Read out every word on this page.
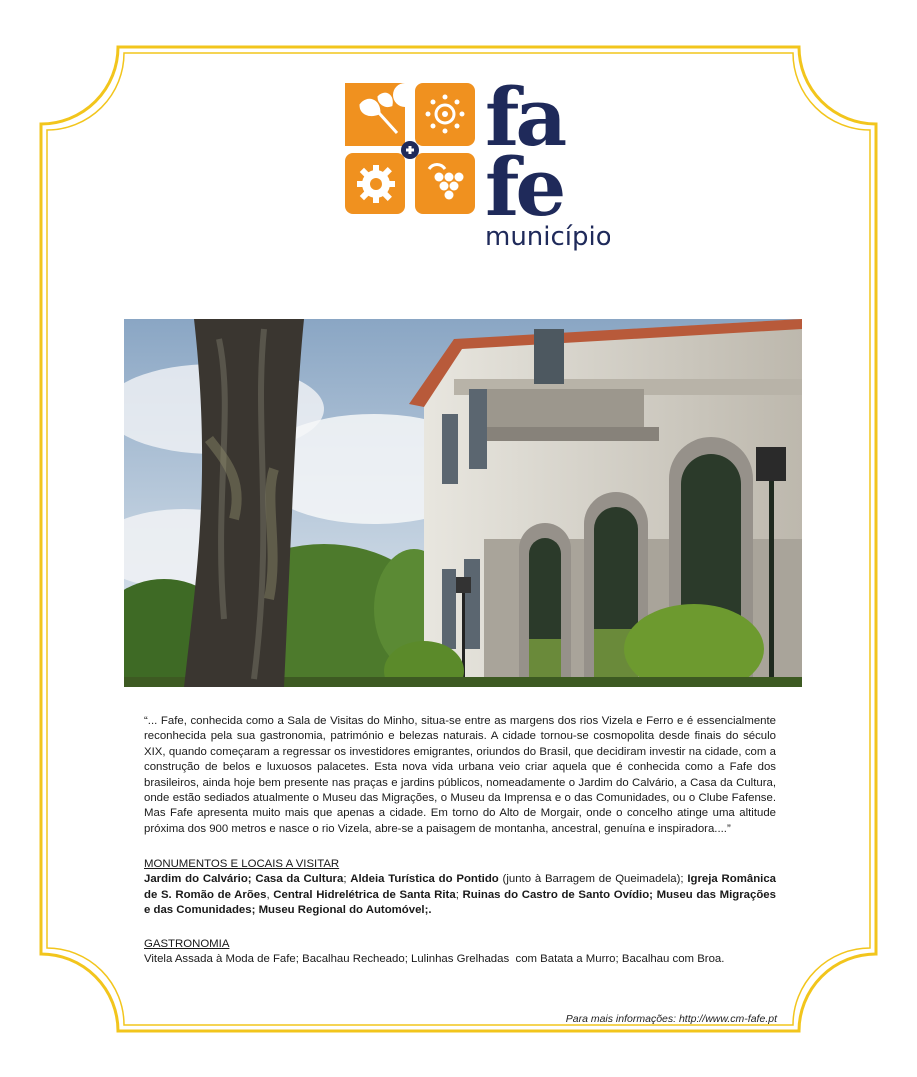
fa
fe
município
“... Fafe, conhecida como a Sala de Visitas do Minho, situa-se entre as margens dos rios Vizela e Ferro e é essencialmente reconhecida pela sua gastronomia, património e belezas naturais. A cidade tornou-se cosmopolita desde finais do século XIX, quando começaram a regressar os investidores emigrantes, oriundos do Brasil, que decidiram investir na cidade, com a construção de belos e luxuosos palacetes. Esta nova vida urbana veio criar aquela que é conhecida como a Fafe dos brasileiros, ainda hoje bem presente nas praças e jardins públicos, nomeadamente o Jardim do Calvário, a Casa da Cultura, onde estão sediados atualmente o Museu das Migrações, o Museu da Imprensa e o das Comunidades, ou o Clube Fafense. Mas Fafe apresenta muito mais que apenas a cidade. Em torno do Alto de Morgair, onde o concelho atinge uma altitude próxima dos 900 metros e nasce o rio Vizela, abre-se a paisagem de montanha, ancestral, genuína e inspiradora....”
MONUMENTOS E LOCAIS A VISITAR
Jardim do Calvário; Casa da Cultura; Aldeia Turística do Pontido (junto à Barragem de Queimadela); Igreja Românica de S. Romão de Arões, Central Hidrelétrica de Santa Rita; Ruinas do Castro de Santo Ovídio; Museu das Migrações e das Comunidades; Museu Regional do Automóvel;.
GASTRONOMIA
Vitela Assada à Moda de Fafe; Bacalhau Recheado; Lulinhas Grelhadas  com Batata a Murro; Bacalhau com Broa.
Para mais informações: http://www.cm-fafe.pt
